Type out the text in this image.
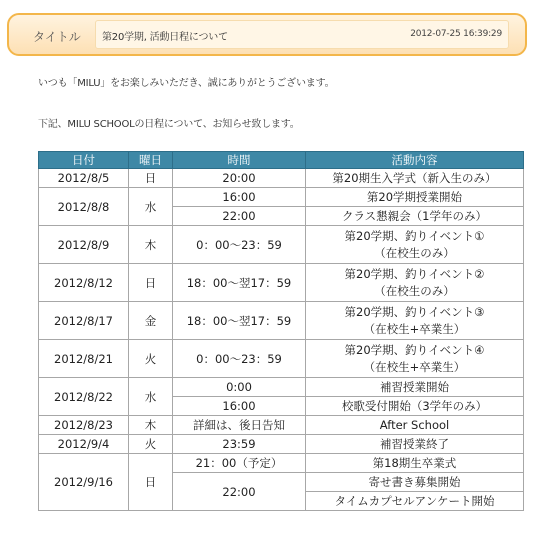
タイトル 第20学期, 活動日程について	2012-07-25 16:39:29
いつも「MILU」をお楽しみいただき、誠にありがとうございます。
下記、MILU SCHOOLの日程について、お知らせ致します。
日付	曜日	時間	活動内容
2012/8/5	日	20:00	第20期生入学式（新入生のみ）
2012/8/8	水	16:00	第20学期授業開始
		22:00	クラス懇親会（1学年のみ）
2012/8/9	木	0：00～23：59	第20学期、釣りイベント①
（在校生のみ）

2012/8/12	日	18：00～翌17：59	第20学期、釣りイベント②
（在校生のみ）

2012/8/17	金	18：00～翌17：59	第20学期、釣りイベント③
（在校生+卒業生）

2012/8/21	火	0：00～23：59	第20学期、釣りイベント④
（在校生+卒業生）

2012/8/22	水	0:00	補習授業開始
		16:00	校歌受付開始（3学年のみ）
2012/8/23	木	詳細は、後日告知	After School
2012/9/4	火	23:59	補習授業終了
2012/9/16	日	21：00（予定）	第18期生卒業式
		22:00	寄せ書き募集開始
			タイムカプセルアンケート開始
